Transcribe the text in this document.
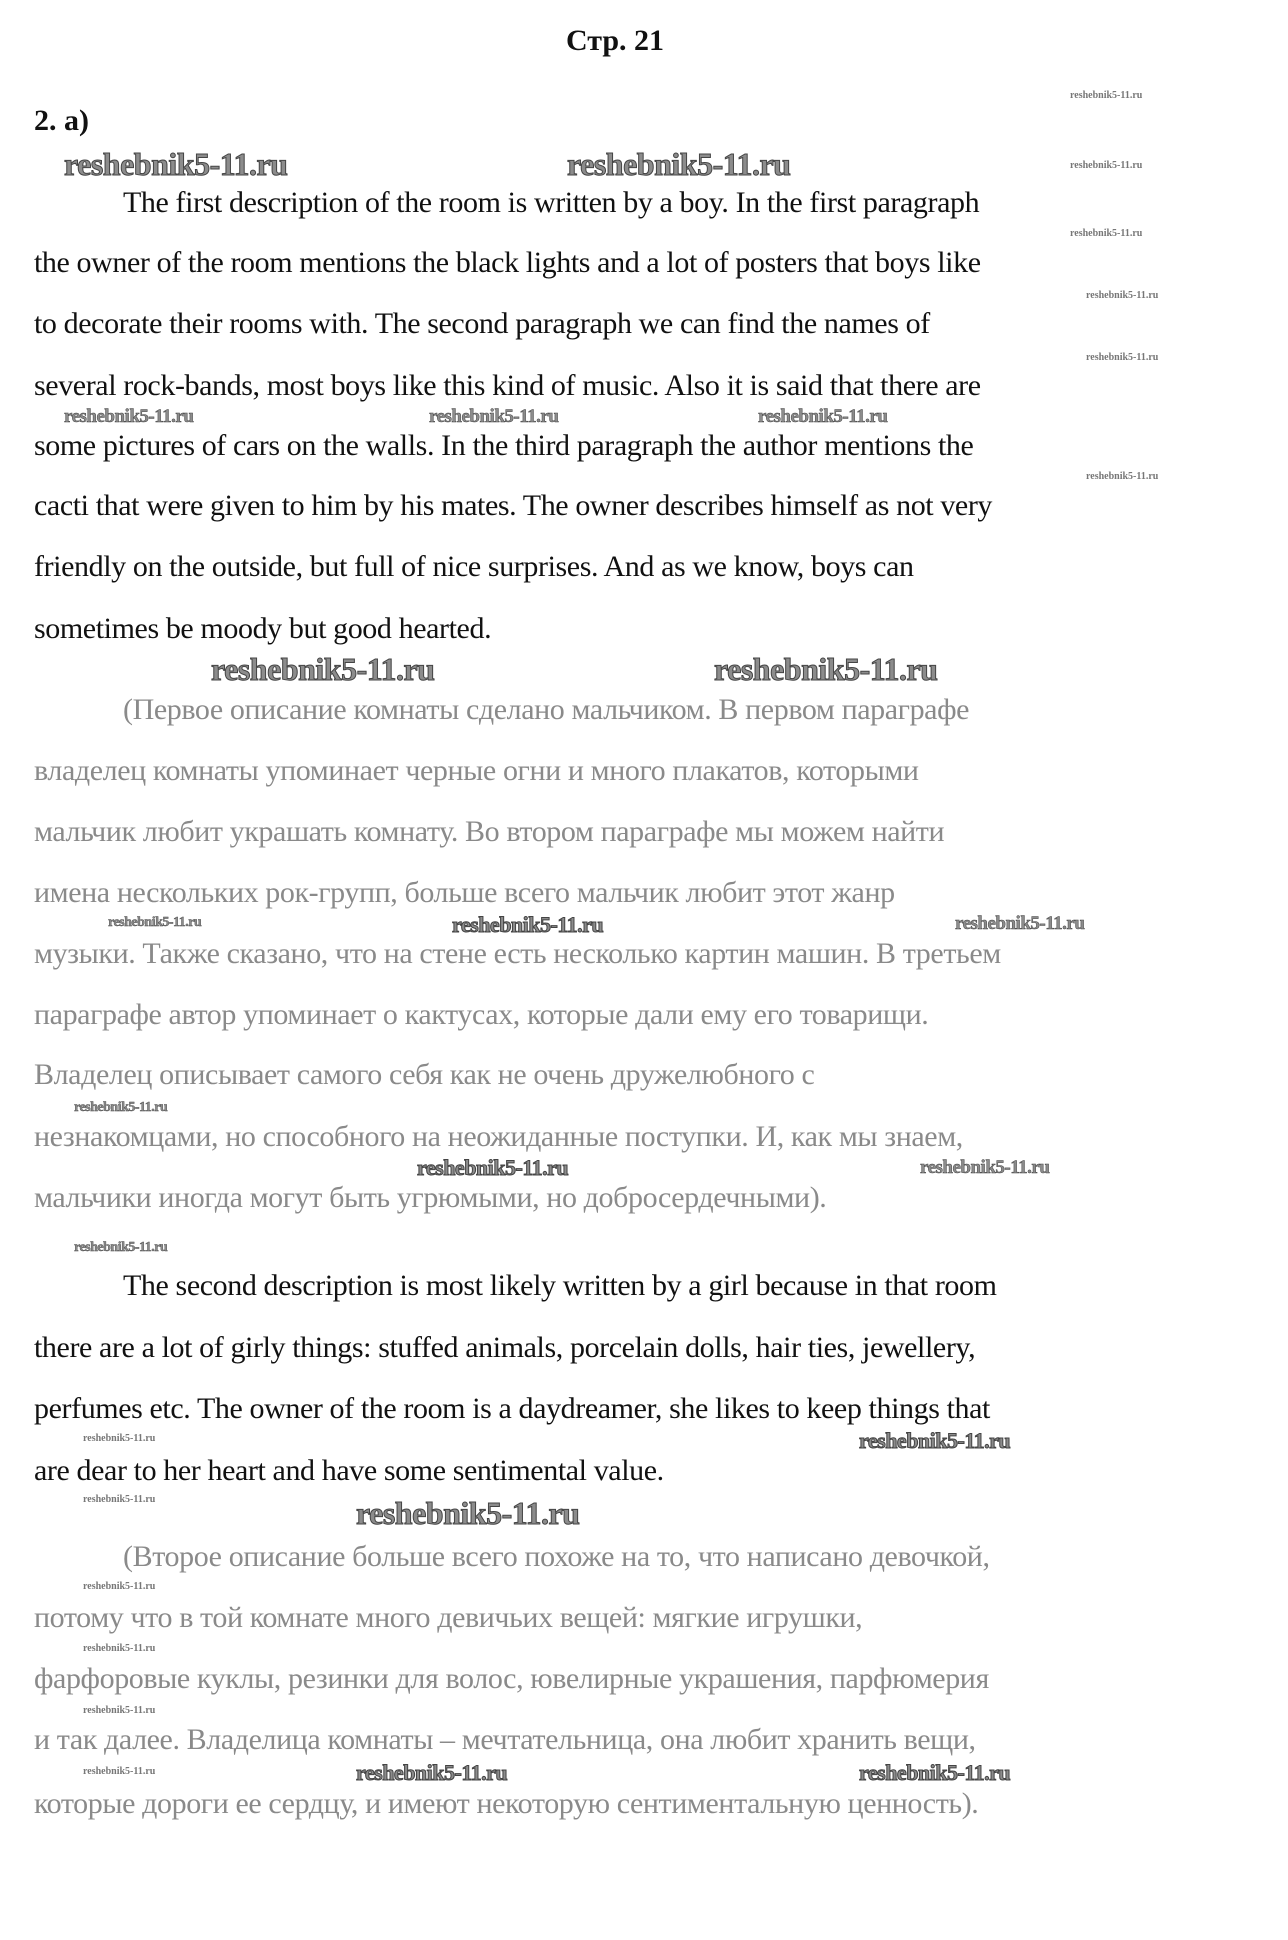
Стр. 21
2. а)
reshebnik5-11.ru	reshebnik5-11.ru
reshebnik5-11.ru	reshebnik5-11.ru
reshebnik5-11.ru
reshebnik5-11.ru
reshebnik5-11.ru
reshebnik5-11.ru
reshebnik5-11.ru	reshebnik5-11.ru
reshebnik5-11.ru	reshebnik5-11.ru	reshebnik5-11.ru
reshebnik5-11.ru	reshebnik5-11.ru
reshebnik5-11.ru
reshebnik5-11.ru
reshebnik5-11.ru
reshebnik5-11.ru
reshebnik5-11.ru
reshebnik5-11.ru
reshebnik5-11.ru
reshebnik5-11.ru
reshebnik5-11.ru
reshebnik5-11.ru
reshebnik5-11.ru
reshebnik5-11.ru
reshebnik5-11.ru
reshebnik5-11.ru
reshebnik5-11.ru
The first description of the room is written by a boy. In the first paragraph
the owner of the room mentions the black lights and a lot of posters that boys like
to decorate their rooms with. The second paragraph we can find the names of
several rock-bands, most boys like this kind of music. Also it is said that there are
some pictures of cars on the walls. In the third paragraph the author mentions the
cacti that were given to him by his mates. The owner describes himself as not very
friendly on the outside, but full of nice surprises. And as we know, boys can
sometimes be moody but good hearted.
(Первое описание комнаты сделано мальчиком. В первом параграфе
владелец комнаты упоминает черные огни и много плакатов, которыми
мальчик любит украшать комнату. Во втором параграфе мы можем найти
имена нескольких рок-групп, больше всего мальчик любит этот жанр
музыки. Также сказано, что на стене есть несколько картин машин. В третьем
параграфе автор упоминает о кактусах, которые дали ему его товарищи.
Владелец описывает самого себя как не очень дружелюбного с
незнакомцами, но способного на неожиданные поступки. И, как мы знаем,
мальчики иногда могут быть угрюмыми, но добросердечными).
The second description is most likely written by a girl because in that room
there are a lot of girly things: stuffed animals, porcelain dolls, hair ties, jewellery,
perfumes etc. The owner of the room is a daydreamer, she likes to keep things that
are dear to her heart and have some sentimental value.
(Второе описание больше всего похоже на то, что написано девочкой,
потому что в той комнате много девичьих вещей: мягкие игрушки,
фарфоровые куклы, резинки для волос, ювелирные украшения, парфюмерия
и так далее. Владелица комнаты – мечтательница, она любит хранить вещи,
которые дороги ее сердцу, и имеют некоторую сентиментальную ценность).
